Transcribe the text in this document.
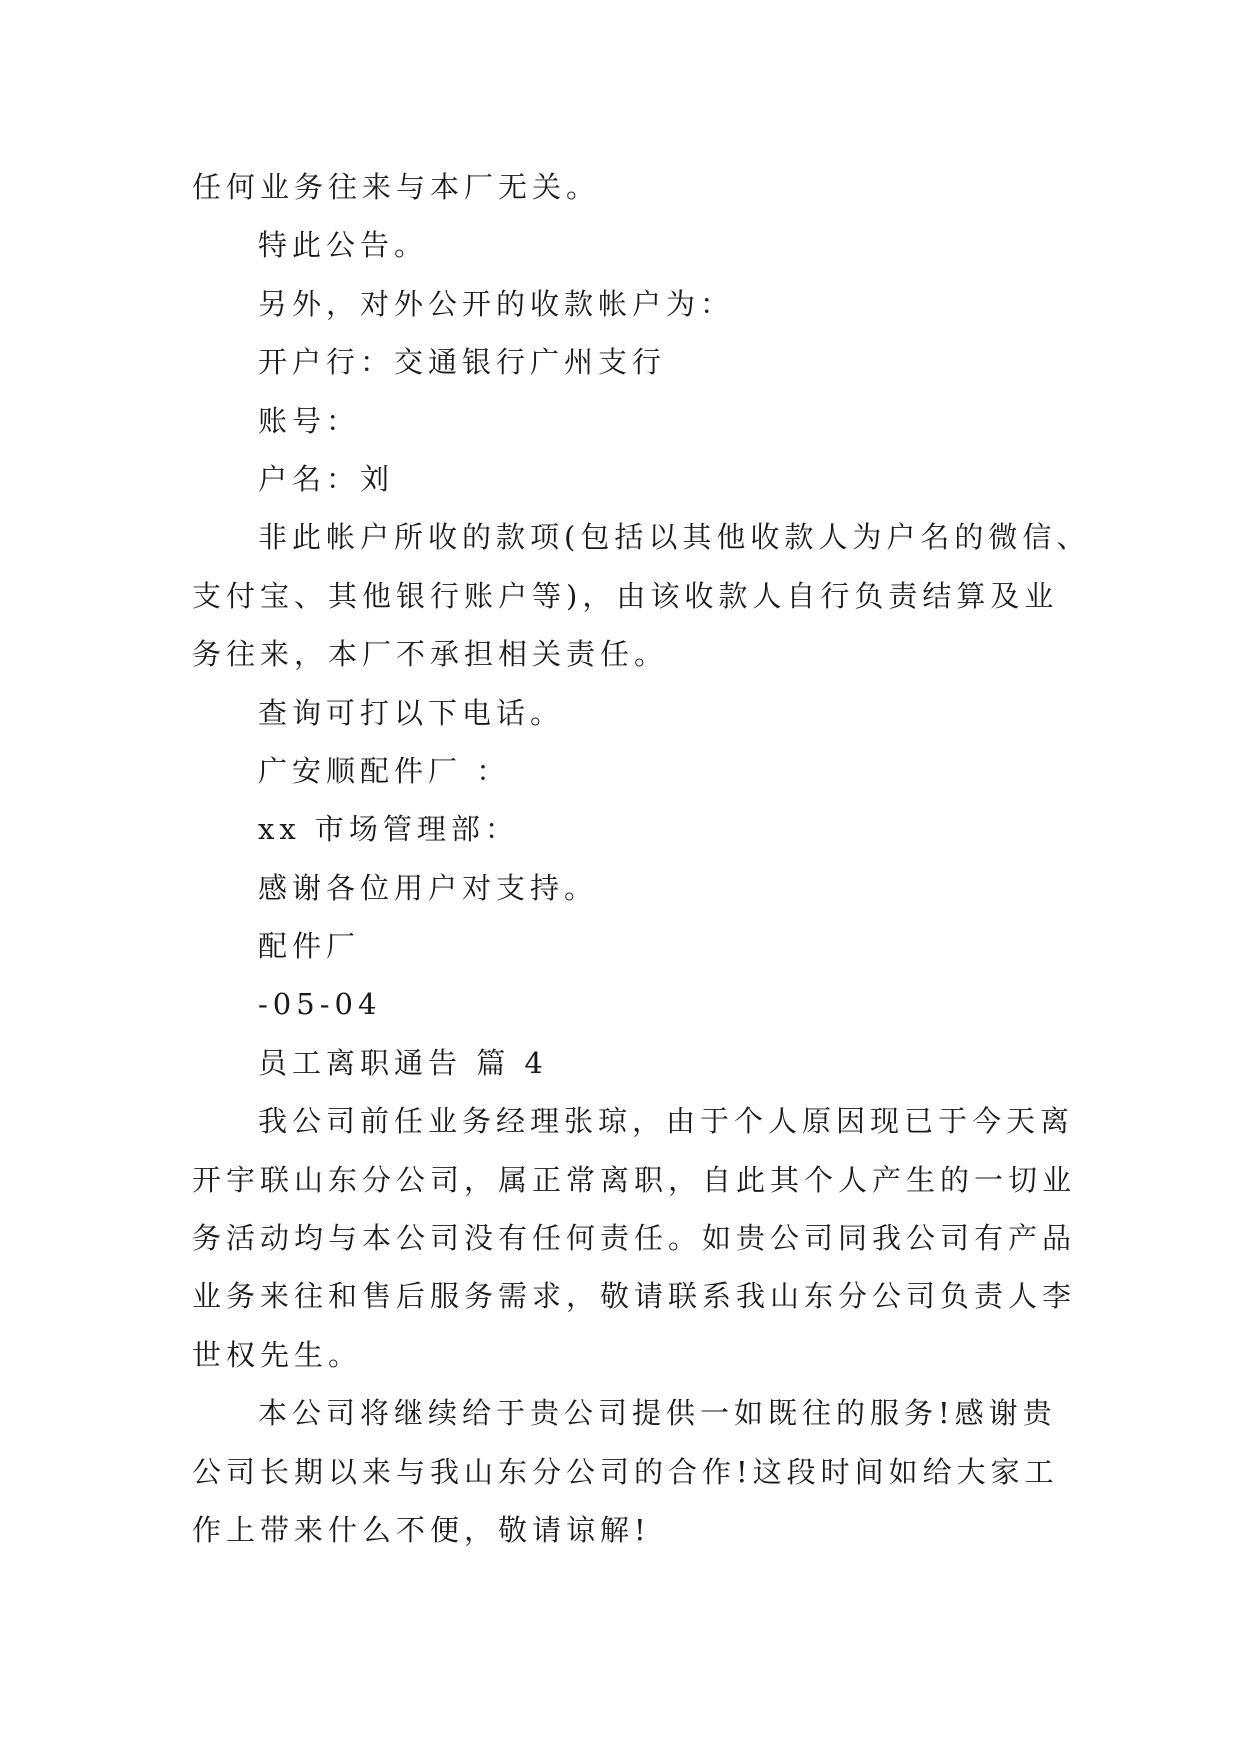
任何业务往来与本厂无关。
特此公告。
另外，对外公开的收款帐户为：
开户行：交通银行广州支行
账号：
户名：刘
非此帐户所收的款项(包括以其他收款人为户名的微信、
支付宝、其他银行账户等)，由该收款人自行负责结算及业
务往来，本厂不承担相关责任。
查询可打以下电话。
广安顺配件厂 ：
xx 市场管理部：
感谢各位用户对支持。
配件厂
-05-04
员工离职通告 篇 4
我公司前任业务经理张琼，由于个人原因现已于今天离
开宇联山东分公司，属正常离职，自此其个人产生的一切业
务活动均与本公司没有任何责任。如贵公司同我公司有产品
业务来往和售后服务需求，敬请联系我山东分公司负责人李
世权先生。
本公司将继续给于贵公司提供一如既往的服务!感谢贵
公司长期以来与我山东分公司的合作!这段时间如给大家工
作上带来什么不便，敬请谅解!
